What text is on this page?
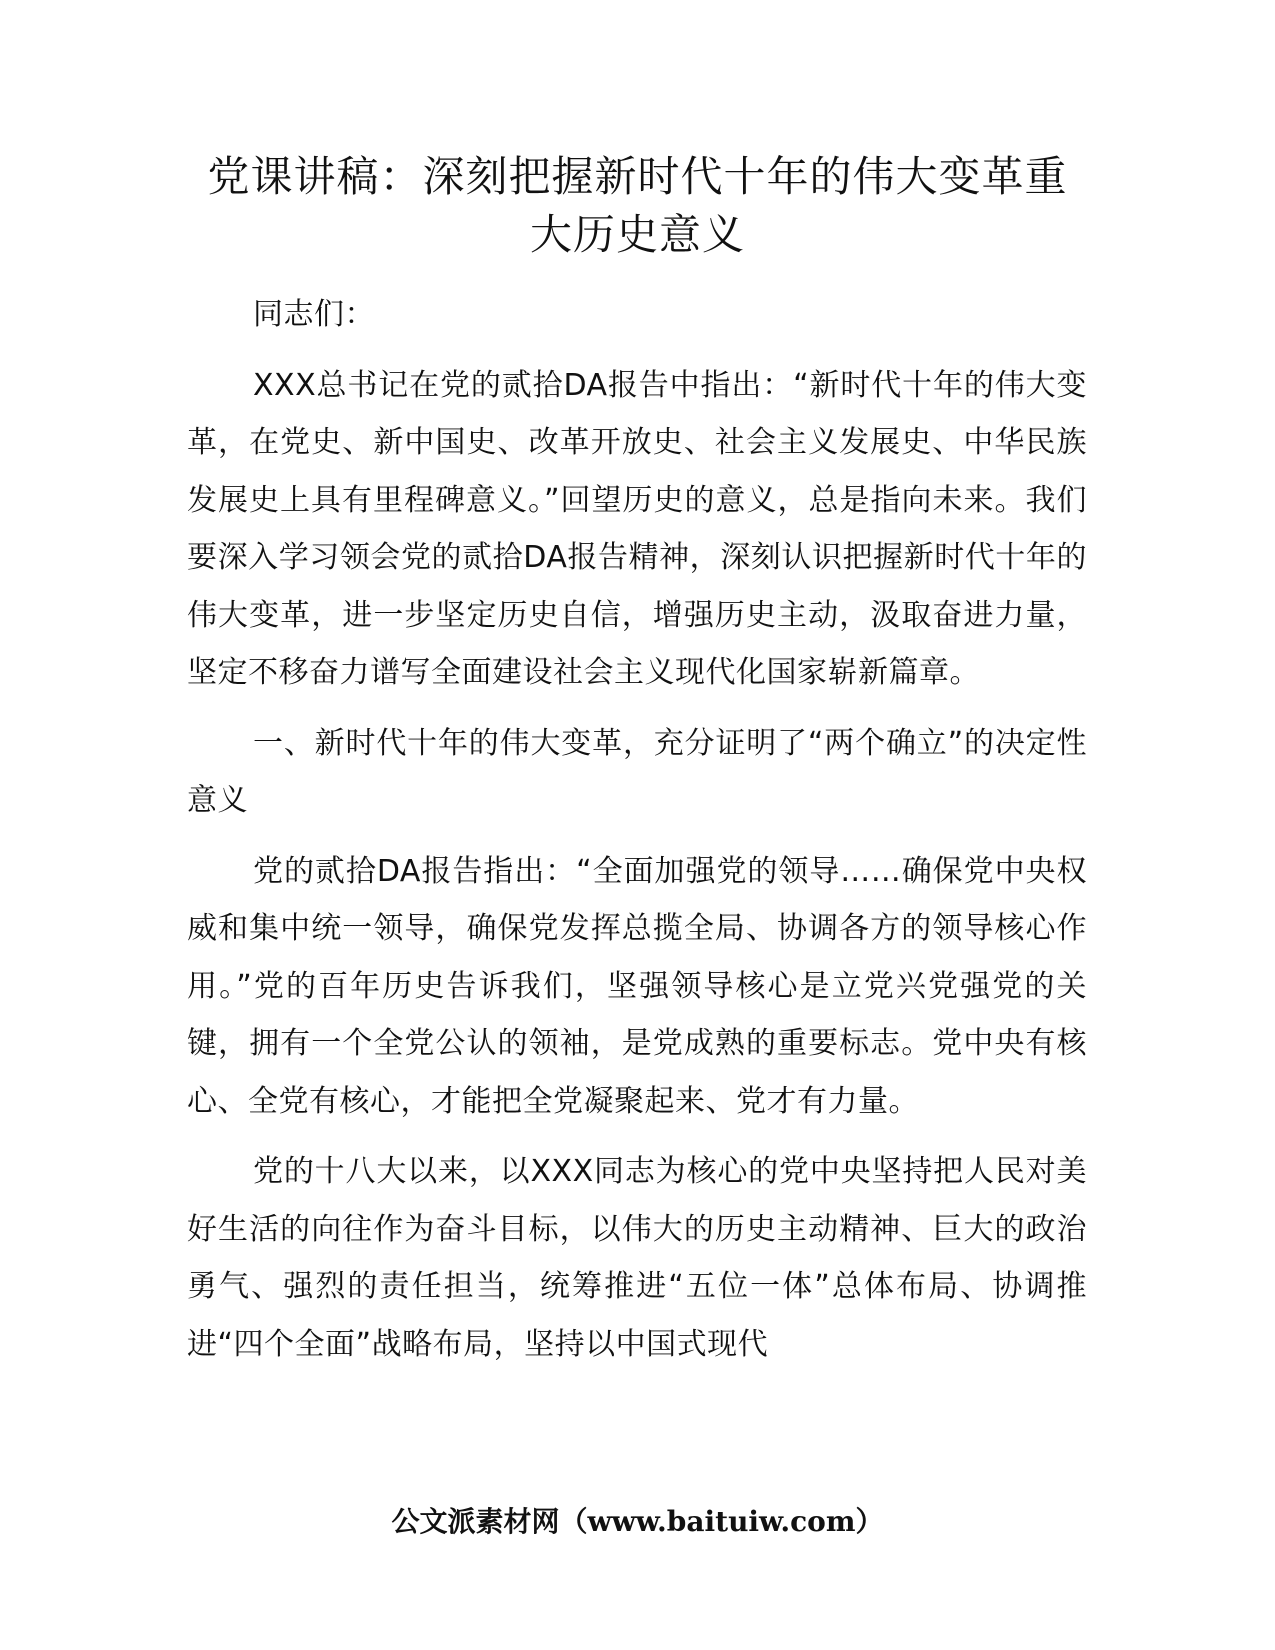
党课讲稿：深刻把握新时代十年的伟大变革重
大历史意义

同志们：

XXX总书记在党的贰拾DA报告中指出：“新时代十年的伟大变革，在党史、新中国史、改革开放史、社会主义发展史、中华民族发展史上具有里程碑意义。”回望历史的意义，总是指向未来。我们要深入学习领会党的贰拾DA报告精神，深刻认识把握新时代十年的伟大变革，进一步坚定历史自信，增强历史主动，汲取奋进力量，坚定不移奋力谱写全面建设社会主义现代化国家崭新篇章。

一、新时代十年的伟大变革，充分证明了“两个确立”的决定性意义

党的贰拾DA报告指出：“全面加强党的领导……确保党中央权威和集中统一领导，确保党发挥总揽全局、协调各方的领导核心作用。”党的百年历史告诉我们，坚强领导核心是立党兴党强党的关键，拥有一个全党公认的领袖，是党成熟的重要标志。党中央有核心、全党有核心，才能把全党凝聚起来、党才有力量。

党的十八大以来，以XXX同志为核心的党中央坚持把人民对美好生活的向往作为奋斗目标，以伟大的历史主动精神、巨大的政治勇气、强烈的责任担当，统筹推进“五位一体”总体布局、协调推进“四个全面”战略布局，坚持以中国式现代

公文派素材网（www.baituiw.com）
